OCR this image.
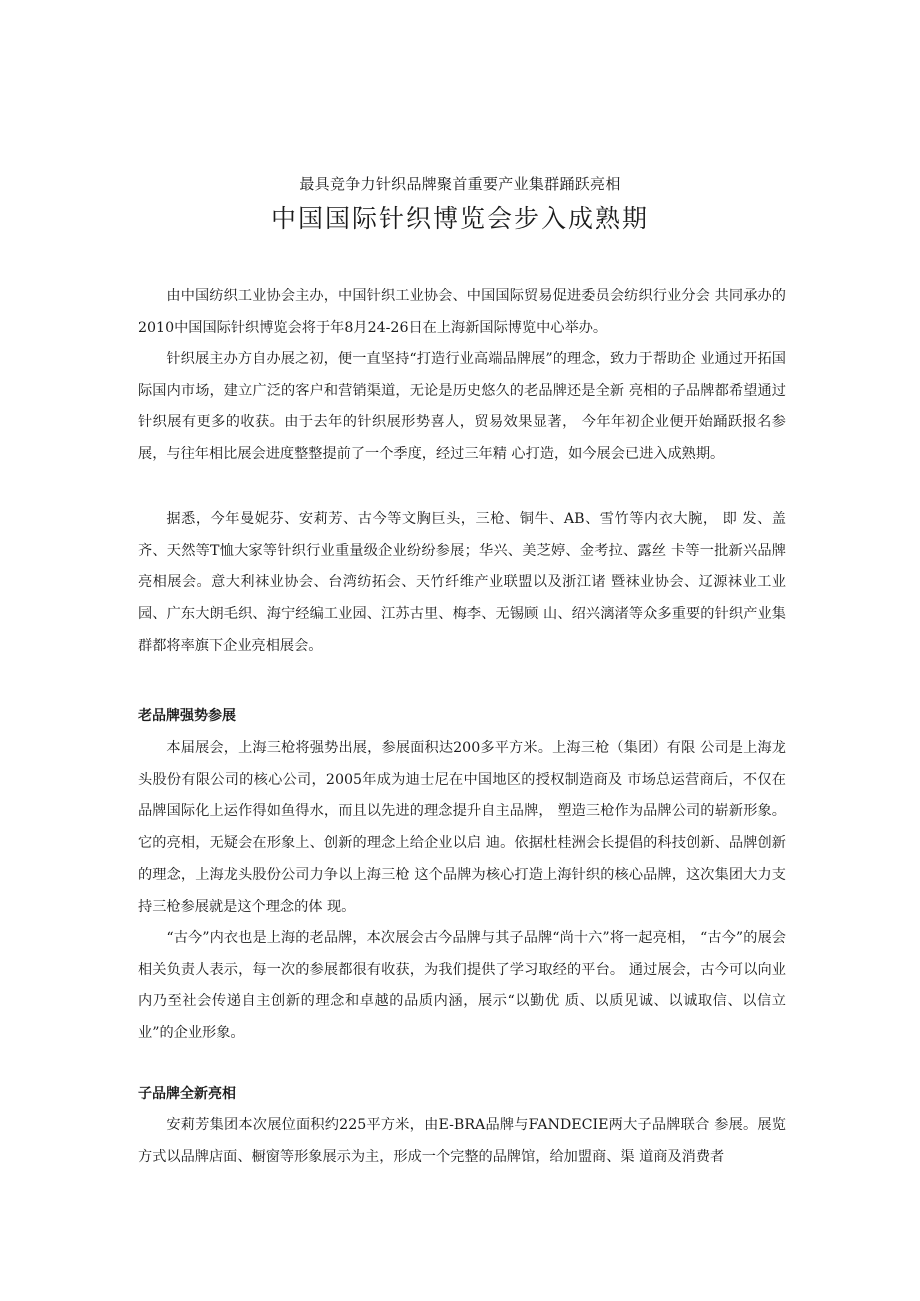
最具竞争力针织品牌聚首重要产业集群踊跃亮相
中国国际针织博览会步入成熟期

由中国纺织工业协会主办，中国针织工业协会、中国国际贸易促进委员会纺织行业分会 共同承办的2010中国国际针织博览会将于年8月24-26日在上海新国际博览中心举办。

针织展主办方自办展之初，便一直坚持“打造行业高端品牌展”的理念，致力于帮助企 业通过开拓国际国内市场，建立广泛的客户和营销渠道，无论是历史悠久的老品牌还是全新 亮相的子品牌都希望通过针织展有更多的收获。由于去年的针织展形势喜人，贸易效果显著， 今年年初企业便开始踊跃报名参展，与往年相比展会进度整整提前了一个季度，经过三年精 心打造，如今展会已进入成熟期。

据悉，今年曼妮芬、安莉芳、古今等文胸巨头，三枪、铜牛、AB、雪竹等内衣大腕， 即 发、盖齐、天然等T恤大家等针织行业重量级企业纷纷参展；华兴、美芝婷、金考拉、露丝 卡等一批新兴品牌亮相展会。意大利袜业协会、台湾纺拓会、天竹纤维产业联盟以及浙江诸 暨袜业协会、辽源袜业工业园、广东大朗毛织、海宁经编工业园、江苏古里、梅李、无锡顾 山、绍兴漓渚等众多重要的针织产业集群都将率旗下企业亮相展会。

老品牌强势参展

本届展会，上海三枪将强势出展，参展面积达200多平方米。上海三枪（集团）有限 公司是上海龙头股份有限公司的核心公司，2005年成为迪士尼在中国地区的授权制造商及 市场总运营商后，不仅在品牌国际化上运作得如鱼得水，而且以先进的理念提升自主品牌， 塑造三枪作为品牌公司的崭新形象。它的亮相，无疑会在形象上、创新的理念上给企业以启 迪。依据杜桂洲会长提倡的科技创新、品牌创新的理念，上海龙头股份公司力争以上海三枪 这个品牌为核心打造上海针织的核心品牌，这次集团大力支持三枪参展就是这个理念的体 现。

“古今”内衣也是上海的老品牌，本次展会古今品牌与其子品牌“尚十六”将一起亮相， “古今”的展会相关负责人表示，每一次的参展都很有收获，为我们提供了学习取经的平台。 通过展会，古今可以向业内乃至社会传递自主创新的理念和卓越的品质内涵，展示“以勤优 质、以质见诚、以诚取信、以信立业”的企业形象。

子品牌全新亮相

安莉芳集团本次展位面积约225平方米，由E-BRA品牌与FANDECIE两大子品牌联合 参展。展览方式以品牌店面、橱窗等形象展示为主，形成一个完整的品牌馆，给加盟商、渠 道商及消费者
